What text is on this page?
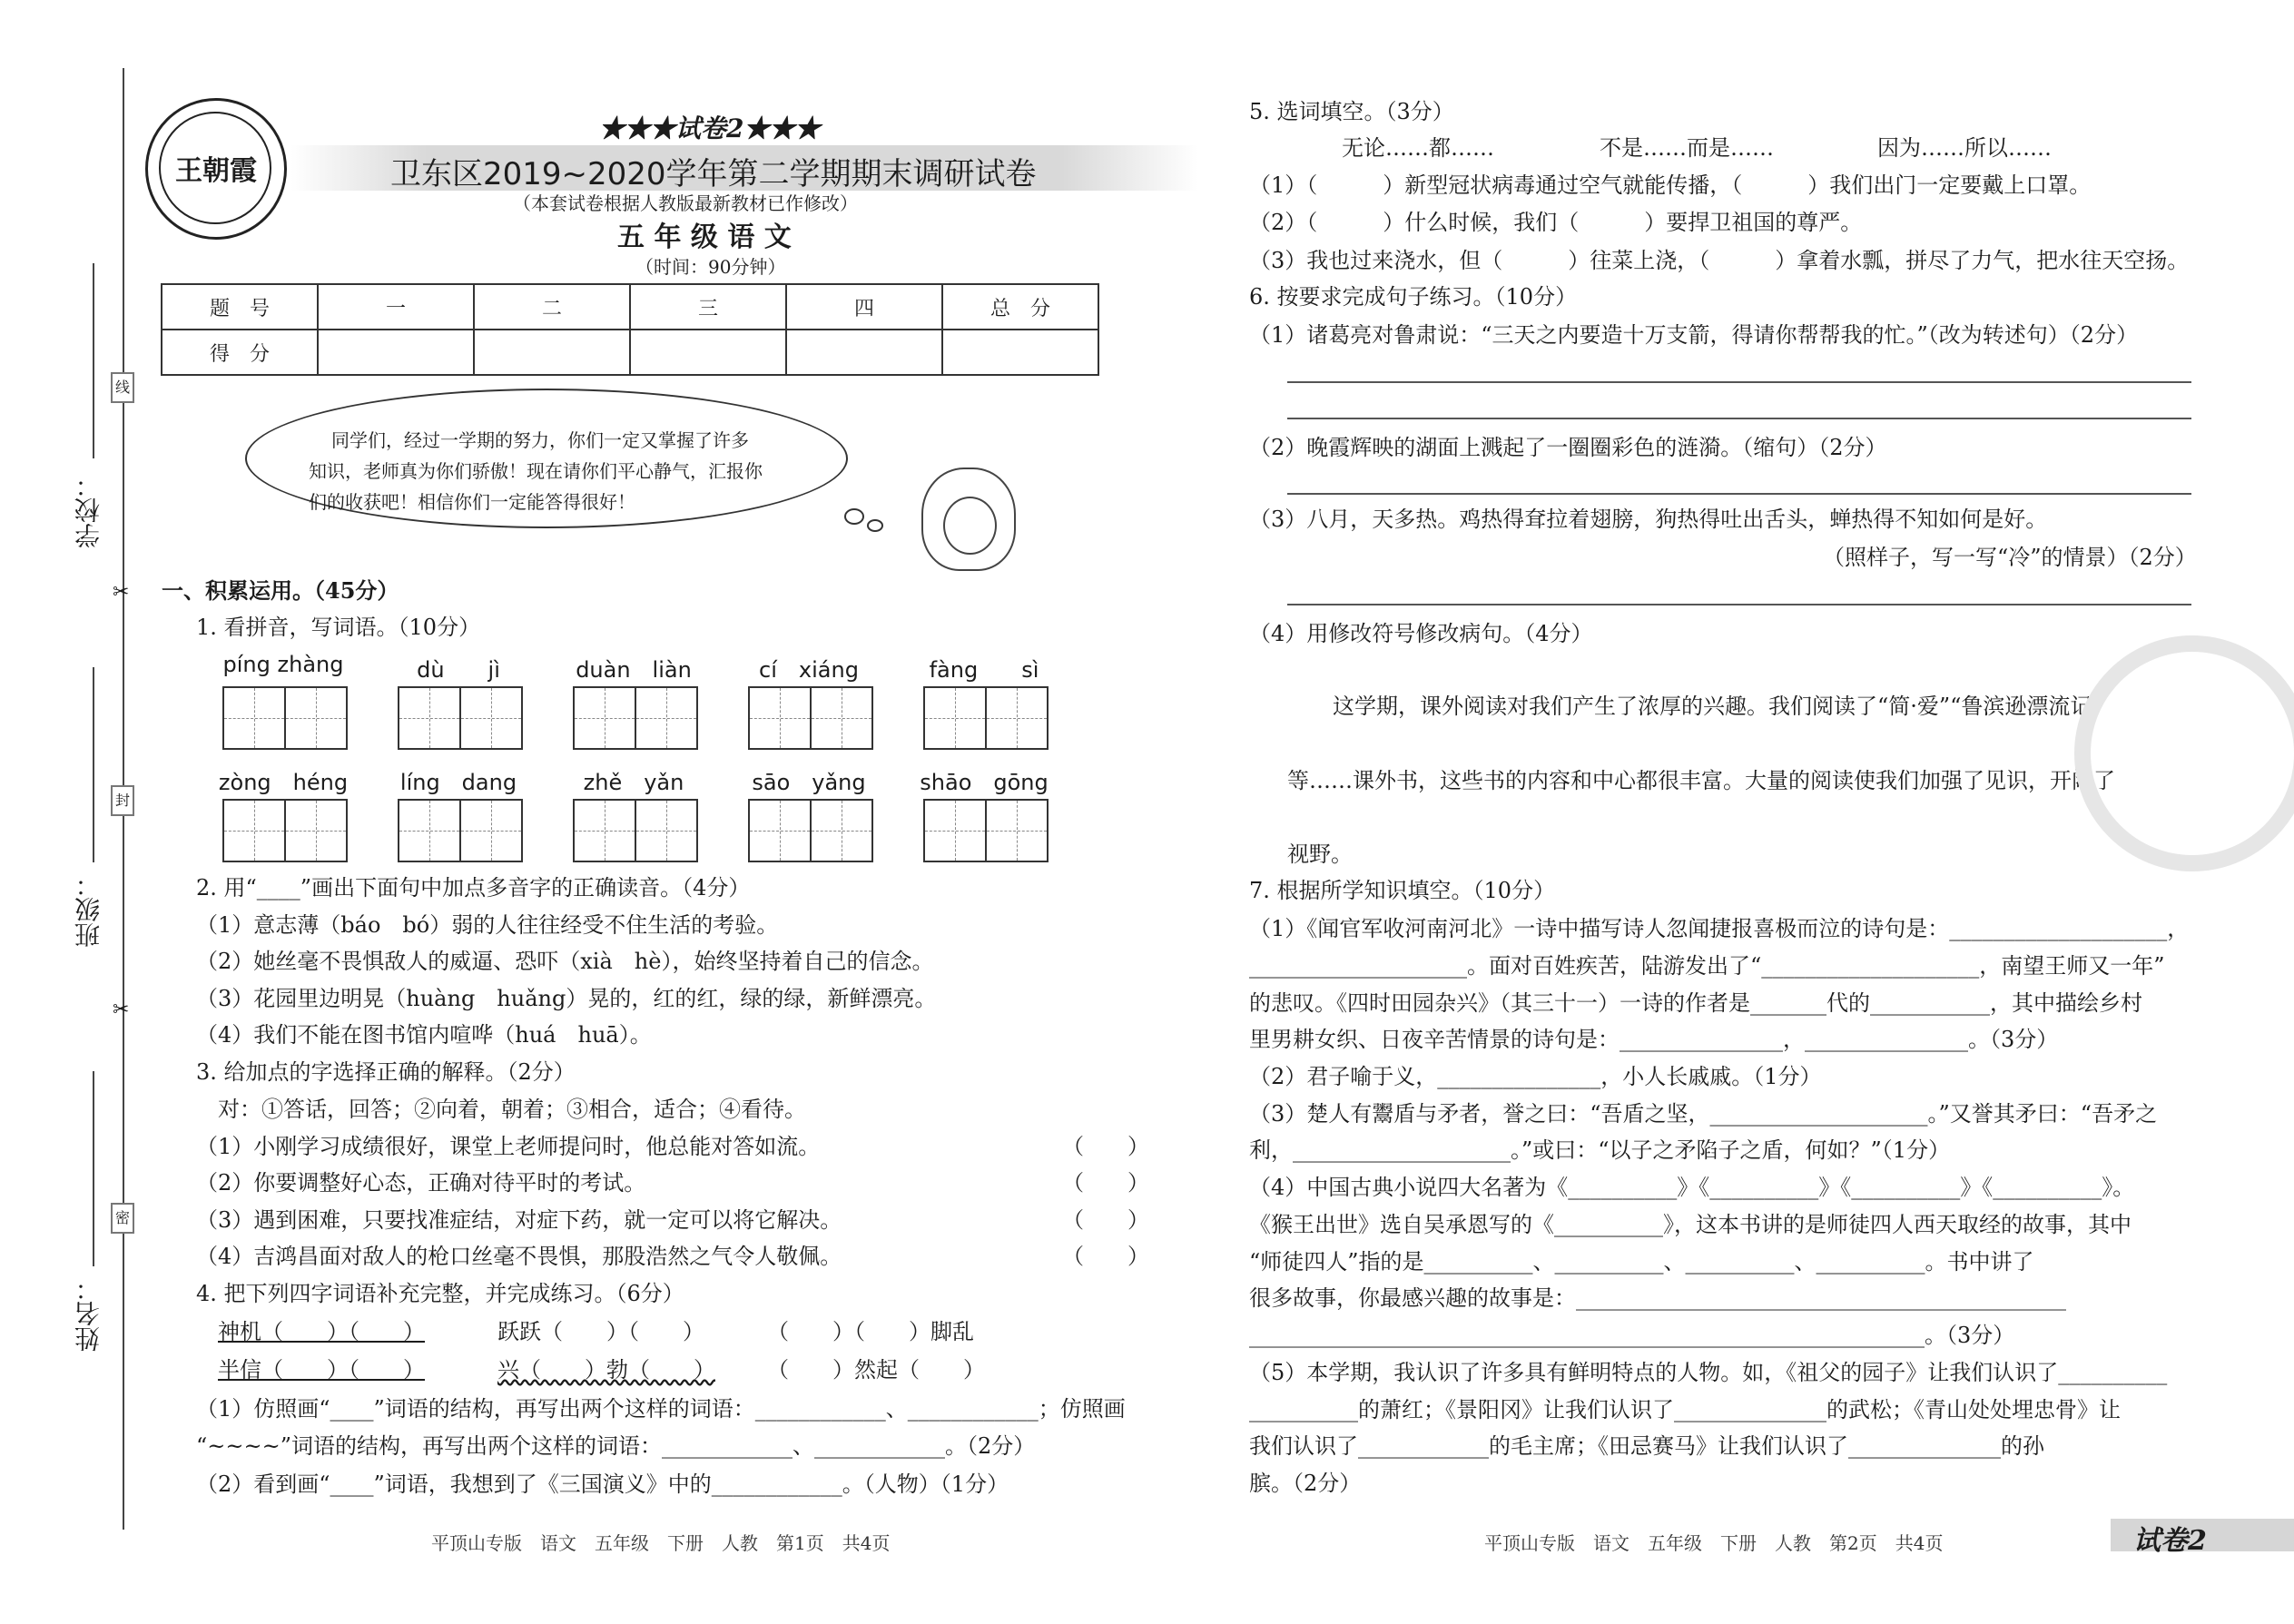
学校：
班级：
姓名：
线
封
密
✂
✂
王朝霞
★★★试卷2★★★
卫东区2019~2020学年第二学期期末调研试卷
（本套试卷根据人教版最新教材已作修改）
五 年 级 语 文
（时间：90分钟）
题　号	一	二	三	四	总　分
得　分					
同学们，经过一学期的努力，你们一定又掌握了许多
知识，老师真为你们骄傲！现在请你们平心静气，汇报你
们的收获吧！相信你们一定能答得很好！
一、积累运用。（45分）
1. 看拼音，写词语。（10分）
píng zhàng	dù　　jì	duàn　liàn	cí　xiáng	fàng　　sì
zòng　héng	líng　dang	zhě　yǎn	sāo　yǎng	shāo　gōng
2. 用“____”画出下面句中加点多音字的正确读音。（4分）
（1）意志薄（báo　bó）弱的人往往经受不住生活的考验。
（2）她丝毫不畏惧敌人的威逼、恐吓（xià　hè），始终坚持着自己的信念。
（3）花园里边明晃（huàng　huǎng）晃的，红的红，绿的绿，新鲜漂亮。
（4）我们不能在图书馆内喧哗（huá　huā）。
3. 给加点的字选择正确的解释。（2分）
对：①答话，回答；②向着，朝着；③相合，适合；④看待。
（1）小刚学习成绩很好，课堂上老师提问时，他总能对答如流。	（　　）
（2）你要调整好心态，正确对待平时的考试。	（　　）
（3）遇到困难，只要找准症结，对症下药，就一定可以将它解决。	（　　）
（4）吉鸿昌面对敌人的枪口丝毫不畏惧，那股浩然之气令人敬佩。	（　　）
4. 把下列四字词语补充完整，并完成练习。（6分）
神机（　　）（　　）	跃跃（　　）（　　）	（　　）（　　）脚乱
半信（　　）（　　）	兴（　　）勃（　　） （　　）然起（　　）
（1）仿照画“____”词语的结构，再写出两个这样的词语：____________、____________；仿照画
“~~~~”词语的结构，再写出两个这样的词语：____________、____________。（2分）
（2）看到画“____”词语，我想到了《三国演义》中的____________。（人物）（1分）
5. 选词填空。（3分）
无论……都……	不是……而是……	因为……所以……
（1）（　　　）新型冠状病毒通过空气就能传播，（　　　）我们出门一定要戴上口罩。
（2）（　　　）什么时候，我们（　　　）要捍卫祖国的尊严。
（3）我也过来浇水，但（　　　）往菜上浇，（　　　）拿着水瓢，拼尽了力气，把水往天空扬。
6. 按要求完成句子练习。（10分）
（1）诸葛亮对鲁肃说：“三天之内要造十万支箭，得请你帮帮我的忙。”（改为转述句）（2分）
（2）晚霞辉映的湖面上溅起了一圈圈彩色的涟漪。（缩句）（2分）
（3）八月，天多热。鸡热得耷拉着翅膀，狗热得吐出舌头，蝉热得不知如何是好。
（照样子，写一写“冷”的情景）（2分）
（4）用修改符号修改病句。（4分）
这学期，课外阅读对我们产生了浓厚的兴趣。我们阅读了“简·爱”“鲁滨逊漂流记”
等……课外书，这些书的内容和中心都很丰富。大量的阅读使我们加强了见识，开阔了
视野。
7. 根据所学知识填空。（10分）
（1）《闻官军收河南河北》一诗中描写诗人忽闻捷报喜极而泣的诗句是：____________________，
____________________。面对百姓疾苦，陆游发出了“____________________，南望王师又一年”
的悲叹。《四时田园杂兴》（其三十一）一诗的作者是_______代的___________，其中描绘乡村
里男耕女织、日夜辛苦情景的诗句是：_______________，_______________。（3分）
（2）君子喻于义，_______________，小人长戚戚。（1分）
（3）楚人有鬻盾与矛者，誉之曰：“吾盾之坚，____________________。”又誉其矛曰：“吾矛之
利，____________________。”或曰：“以子之矛陷子之盾，何如？”（1分）
（4）中国古典小说四大名著为《__________》《__________》《__________》《__________》。
《猴王出世》选自吴承恩写的《__________》，这本书讲的是师徒四人西天取经的故事，其中
“师徒四人”指的是__________、__________、__________、__________。书中讲了
很多故事，你最感兴趣的故事是：_____________________________________________
______________________________________________________________。（3分）
（5）本学期，我认识了许多具有鲜明特点的人物。如，《祖父的园子》让我们认识了__________
__________的萧红；《景阳冈》让我们认识了______________的武松；《青山处处埋忠骨》让
我们认识了____________的毛主席；《田忌赛马》让我们认识了______________的孙
膑。（2分）
平顶山专版　语文　五年级　下册　人教　第1页　共4页	平顶山专版　语文　五年级　下册　人教　第2页　共4页	试卷2
